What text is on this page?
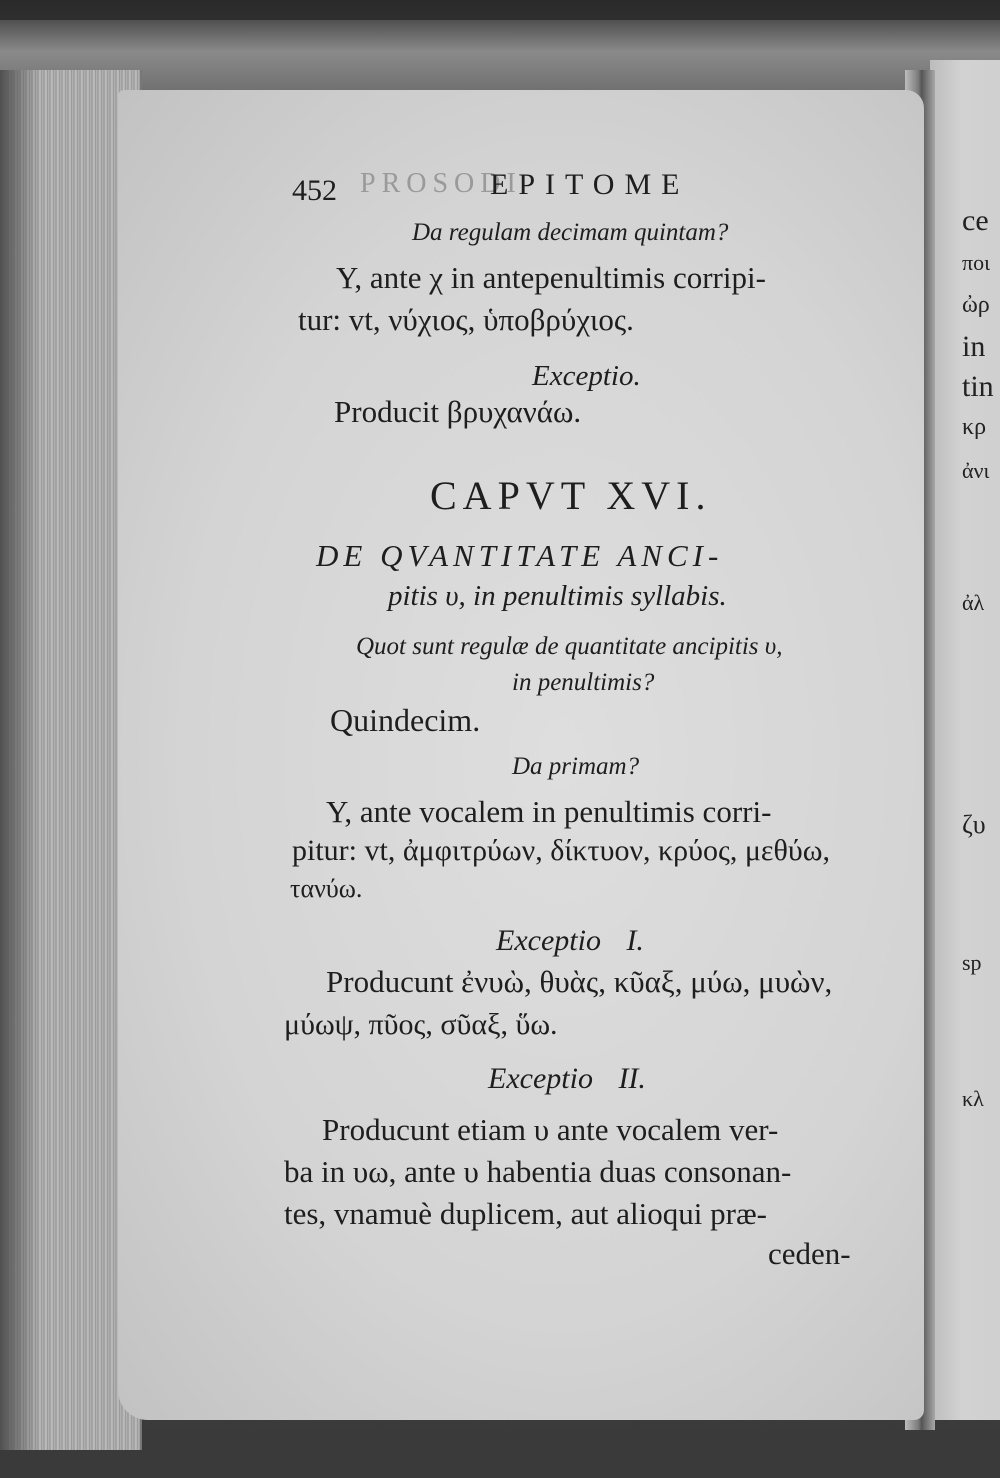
PROSODI
452	EPITOME
Da regulam decimam quintam?
Υ, ante χ in antepenultimis corripi-
tur: vt, νύχιος, ὑποβρύχιος.
Exceptio.
Producit βρυχανάω.
CAPVT XVI.
DE QVANTITATE ANCI-
pitis υ, in penultimis syllabis.
Quot sunt regulæ de quantitate ancipitis υ,
in penultimis?
Quindecim.
Da primam?
Υ, ante vocalem in penultimis corri-
pitur: vt, ἀμφιτρύων, δίκτυον, κρύος, μεθύω,
τανύω.
Exceptio I.
Producunt ἐνυὼ, θυὰς, κῦαξ, μύω, μυὼν,
μύωψ, πῦος, σῦαξ, ὕω.
Exceptio II.
Producunt etiam υ ante vocalem ver-
ba in υω, ante υ habentia duas consonan-
tes, vnamuè duplicem, aut alioqui præ-
ceden-
ce
ποι
ὠρ
in
tin
κρ
ἀνι
ἀλ
ζυ
sp
κλ
